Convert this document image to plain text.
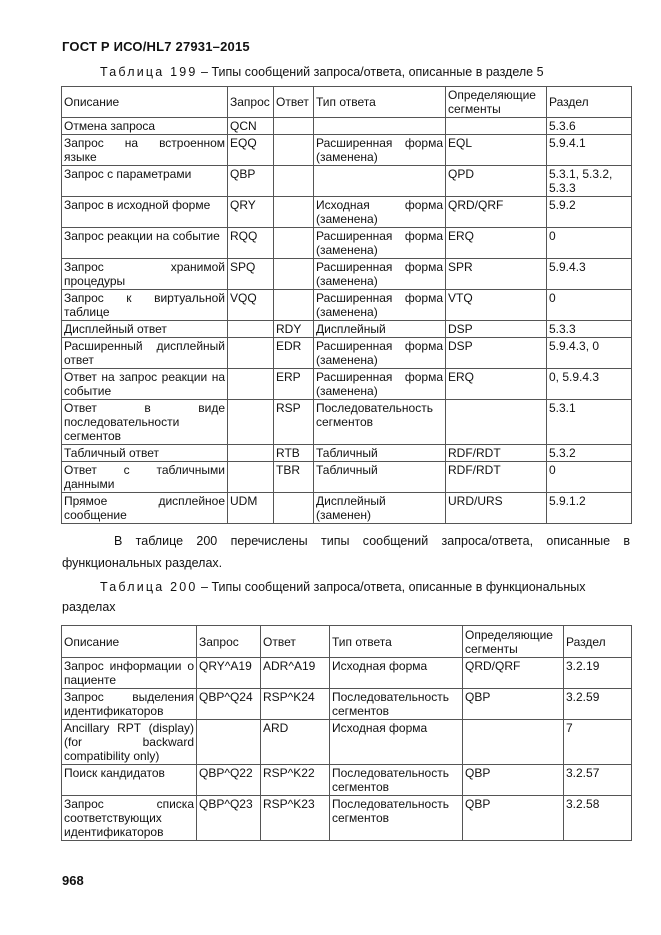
ГОСТ Р ИСО/HL7 27931–2015
Таблица 199 – Типы сообщений запроса/ответа, описанные в разделе 5
Описание	Запрос	Ответ	Тип ответа	Определяющие сегменты	Раздел
Отмена запроса	QCN				5.3.6
Запрос на встроенном языке	EQQ		Расширенная форма (заменена)	EQL	5.9.4.1
Запрос с параметрами	QBP			QPD	5.3.1, 5.3.2, 5.3.3
Запрос в исходной форме	QRY		Исходная форма (заменена)	QRD/QRF	5.9.2
Запрос реакции на событие	RQQ		Расширенная форма (заменена)	ERQ	0
Запрос хранимой процедуры	SPQ		Расширенная форма (заменена)	SPR	5.9.4.3
Запрос к виртуальной таблице	VQQ		Расширенная форма (заменена)	VTQ	0
Дисплейный ответ		RDY	Дисплейный	DSP	5.3.3
Расширенный дисплейный ответ		EDR	Расширенная форма (заменена)	DSP	5.9.4.3, 0
Ответ на запрос реакции на событие		ERP	Расширенная форма (заменена)	ERQ	0, 5.9.4.3
Ответ в виде последовательности сегментов		RSP	Последовательность сегментов		5.3.1
Табличный ответ		RTB	Табличный	RDF/RDT	5.3.2
Ответ с табличными данными		TBR	Табличный	RDF/RDT	0
Прямое дисплейное сообщение	UDM		Дисплейный (заменен)	URD/URS	5.9.1.2
В таблице 200 перечислены типы сообщений запроса/ответа, описанные в функциональных разделах.
Таблица 200 – Типы сообщений запроса/ответа, описанные в функциональных разделах
Описание	Запрос	Ответ	Тип ответа	Определяющие сегменты	Раздел
Запрос информации о пациенте	QRY^A19	ADR^A19	Исходная форма	QRD/QRF	3.2.19
Запрос выделения идентификаторов	QBP^Q24	RSP^K24	Последовательность сегментов	QBP	3.2.59
Ancillary RPT (display) (for backward compatibility only)		ARD	Исходная форма		7
Поиск кандидатов	QBP^Q22	RSP^K22	Последовательность сегментов	QBP	3.2.57
Запрос списка соответствующих идентификаторов	QBP^Q23	RSP^K23	Последовательность сегментов	QBP	3.2.58
968
